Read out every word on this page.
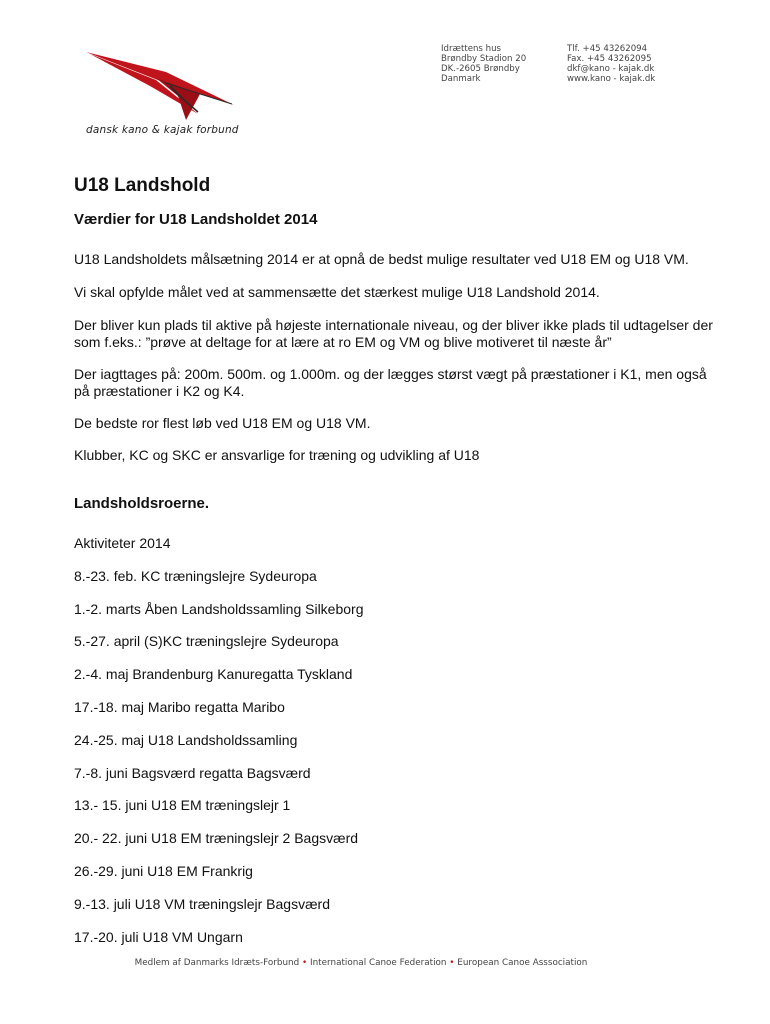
dansk kano & kajak forbund
Idrættens hus
Brøndby Stadion 20
DK.-2605 Brøndby
Danmark
Tlf. +45 43262094
Fax. +45 43262095
dkf@kano - kajak.dk
www.kano - kajak.dk
U18 Landshold
Værdier for U18 Landsholdet 2014

U18 Landsholdets målsætning 2014 er at opnå de bedst mulige resultater ved U18 EM og U18 VM.

Vi skal opfylde målet ved at sammensætte det stærkest mulige U18 Landshold 2014.

Der bliver kun plads til aktive på højeste internationale niveau, og der bliver ikke plads til udtagelser der som f.eks.: ”prøve at deltage for at lære at ro EM og VM og blive motiveret til næste år”

Der iagttages på: 200m. 500m. og 1.000m. og der lægges størst vægt på præstationer i K1, men også på præstationer i K2 og K4.

De bedste ror flest løb ved U18 EM og U18 VM.

Klubber, KC og SKC er ansvarlige for træning og udvikling af U18

Landsholdsroerne.

Aktiviteter 2014

8.-23. feb. KC træningslejre Sydeuropa

1.-2. marts Åben Landsholdssamling Silkeborg

5.-27. april (S)KC træningslejre Sydeuropa

2.-4. maj Brandenburg Kanuregatta Tyskland

17.-18. maj Maribo regatta Maribo

24.-25. maj U18 Landsholdssamling

7.-8. juni Bagsværd regatta Bagsværd

13.- 15. juni U18 EM træningslejr 1

20.- 22. juni U18 EM træningslejr 2 Bagsværd

26.-29. juni U18 EM Frankrig

9.-13. juli U18 VM træningslejr Bagsværd

17.-20. juli U18 VM Ungarn

Medlem af Danmarks Idræts-Forbund • International Canoe Federation • European Canoe Asssociation
